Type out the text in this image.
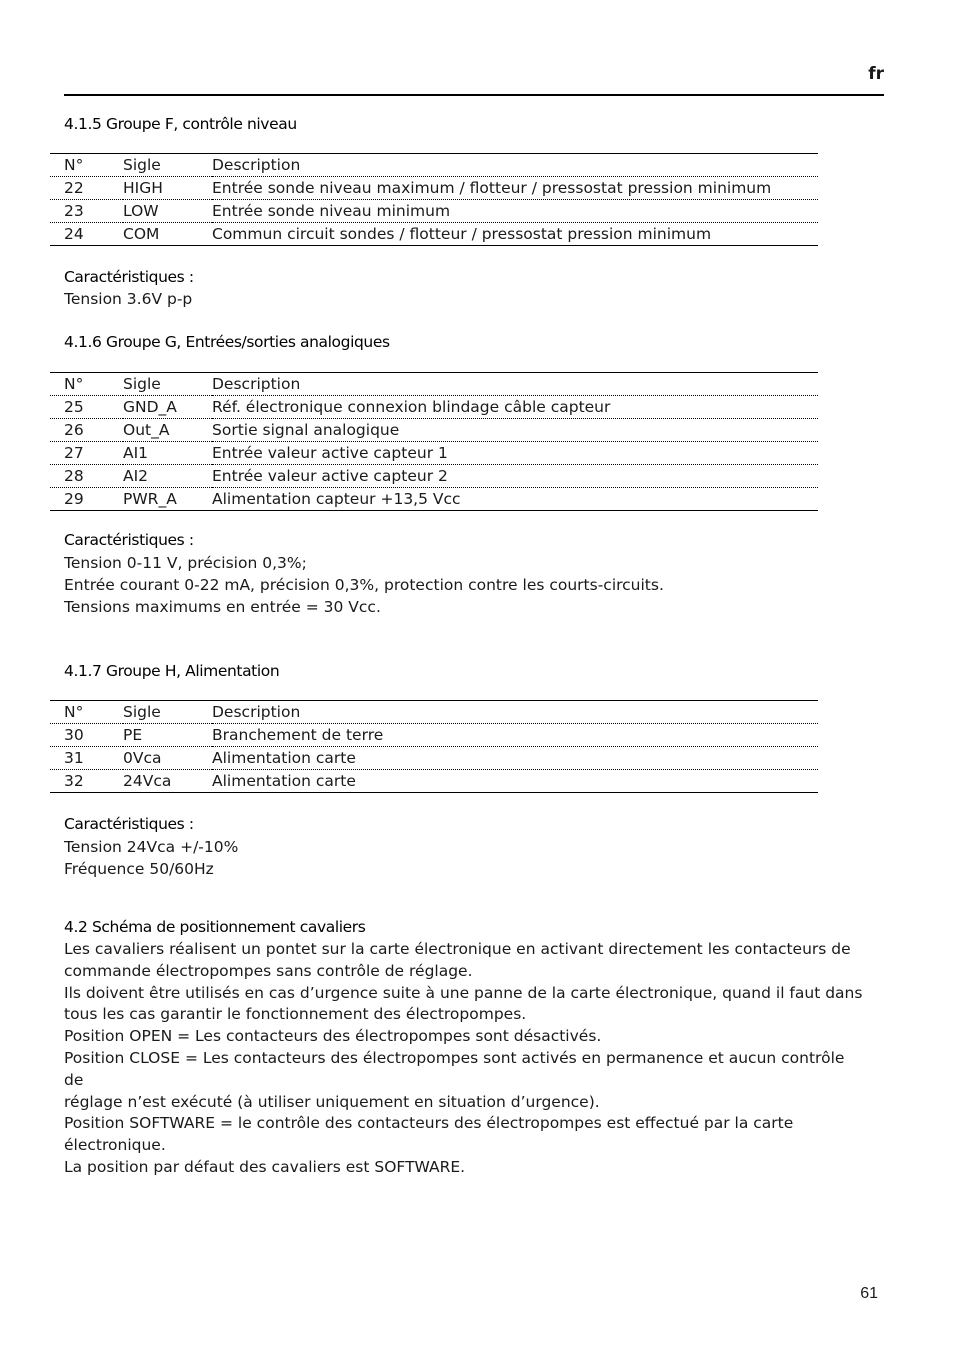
fr
4.1.5 Groupe F, contrôle niveau
N°	Sigle	Description
22	HIGH	Entrée sonde niveau maximum / flotteur / pressostat pression minimum
23	LOW	Entrée sonde niveau minimum
24	COM	Commun circuit sondes / flotteur / pressostat pression minimum
Caractéristiques :
Tension 3.6V p-p
4.1.6 Groupe G, Entrées/sorties analogiques
N°	Sigle	Description
25	GND_A	Réf. électronique connexion blindage câble capteur
26	Out_A	Sortie signal analogique
27	AI1	Entrée valeur active capteur 1
28	AI2	Entrée valeur active capteur 2
29	PWR_A	Alimentation capteur +13,5 Vcc
Caractéristiques :
Tension 0-11 V, précision 0,3%;
Entrée courant 0-22 mA, précision 0,3%, protection contre les courts-circuits.
Tensions maximums en entrée = 30 Vcc.
4.1.7 Groupe H, Alimentation
N°	Sigle	Description
30	PE	Branchement de terre
31	0Vca	Alimentation carte
32	24Vca	Alimentation carte
Caractéristiques :
Tension 24Vca +/-10%
Fréquence 50/60Hz
4.2 Schéma de positionnement cavaliers
Les cavaliers réalisent un pontet sur la carte électronique en activant directement les contacteurs de
commande électropompes sans contrôle de réglage.
Ils doivent être utilisés en cas d’urgence suite à une panne de la carte électronique, quand il faut dans
tous les cas garantir le fonctionnement des électropompes.
Position OPEN = Les contacteurs des électropompes sont désactivés.
Position CLOSE = Les contacteurs des électropompes sont activés en permanence et aucun contrôle de
réglage n’est exécuté (à utiliser uniquement en situation d’urgence).
Position SOFTWARE = le contrôle des contacteurs des électropompes est effectué par la carte
électronique.
La position par défaut des cavaliers est SOFTWARE.
61
